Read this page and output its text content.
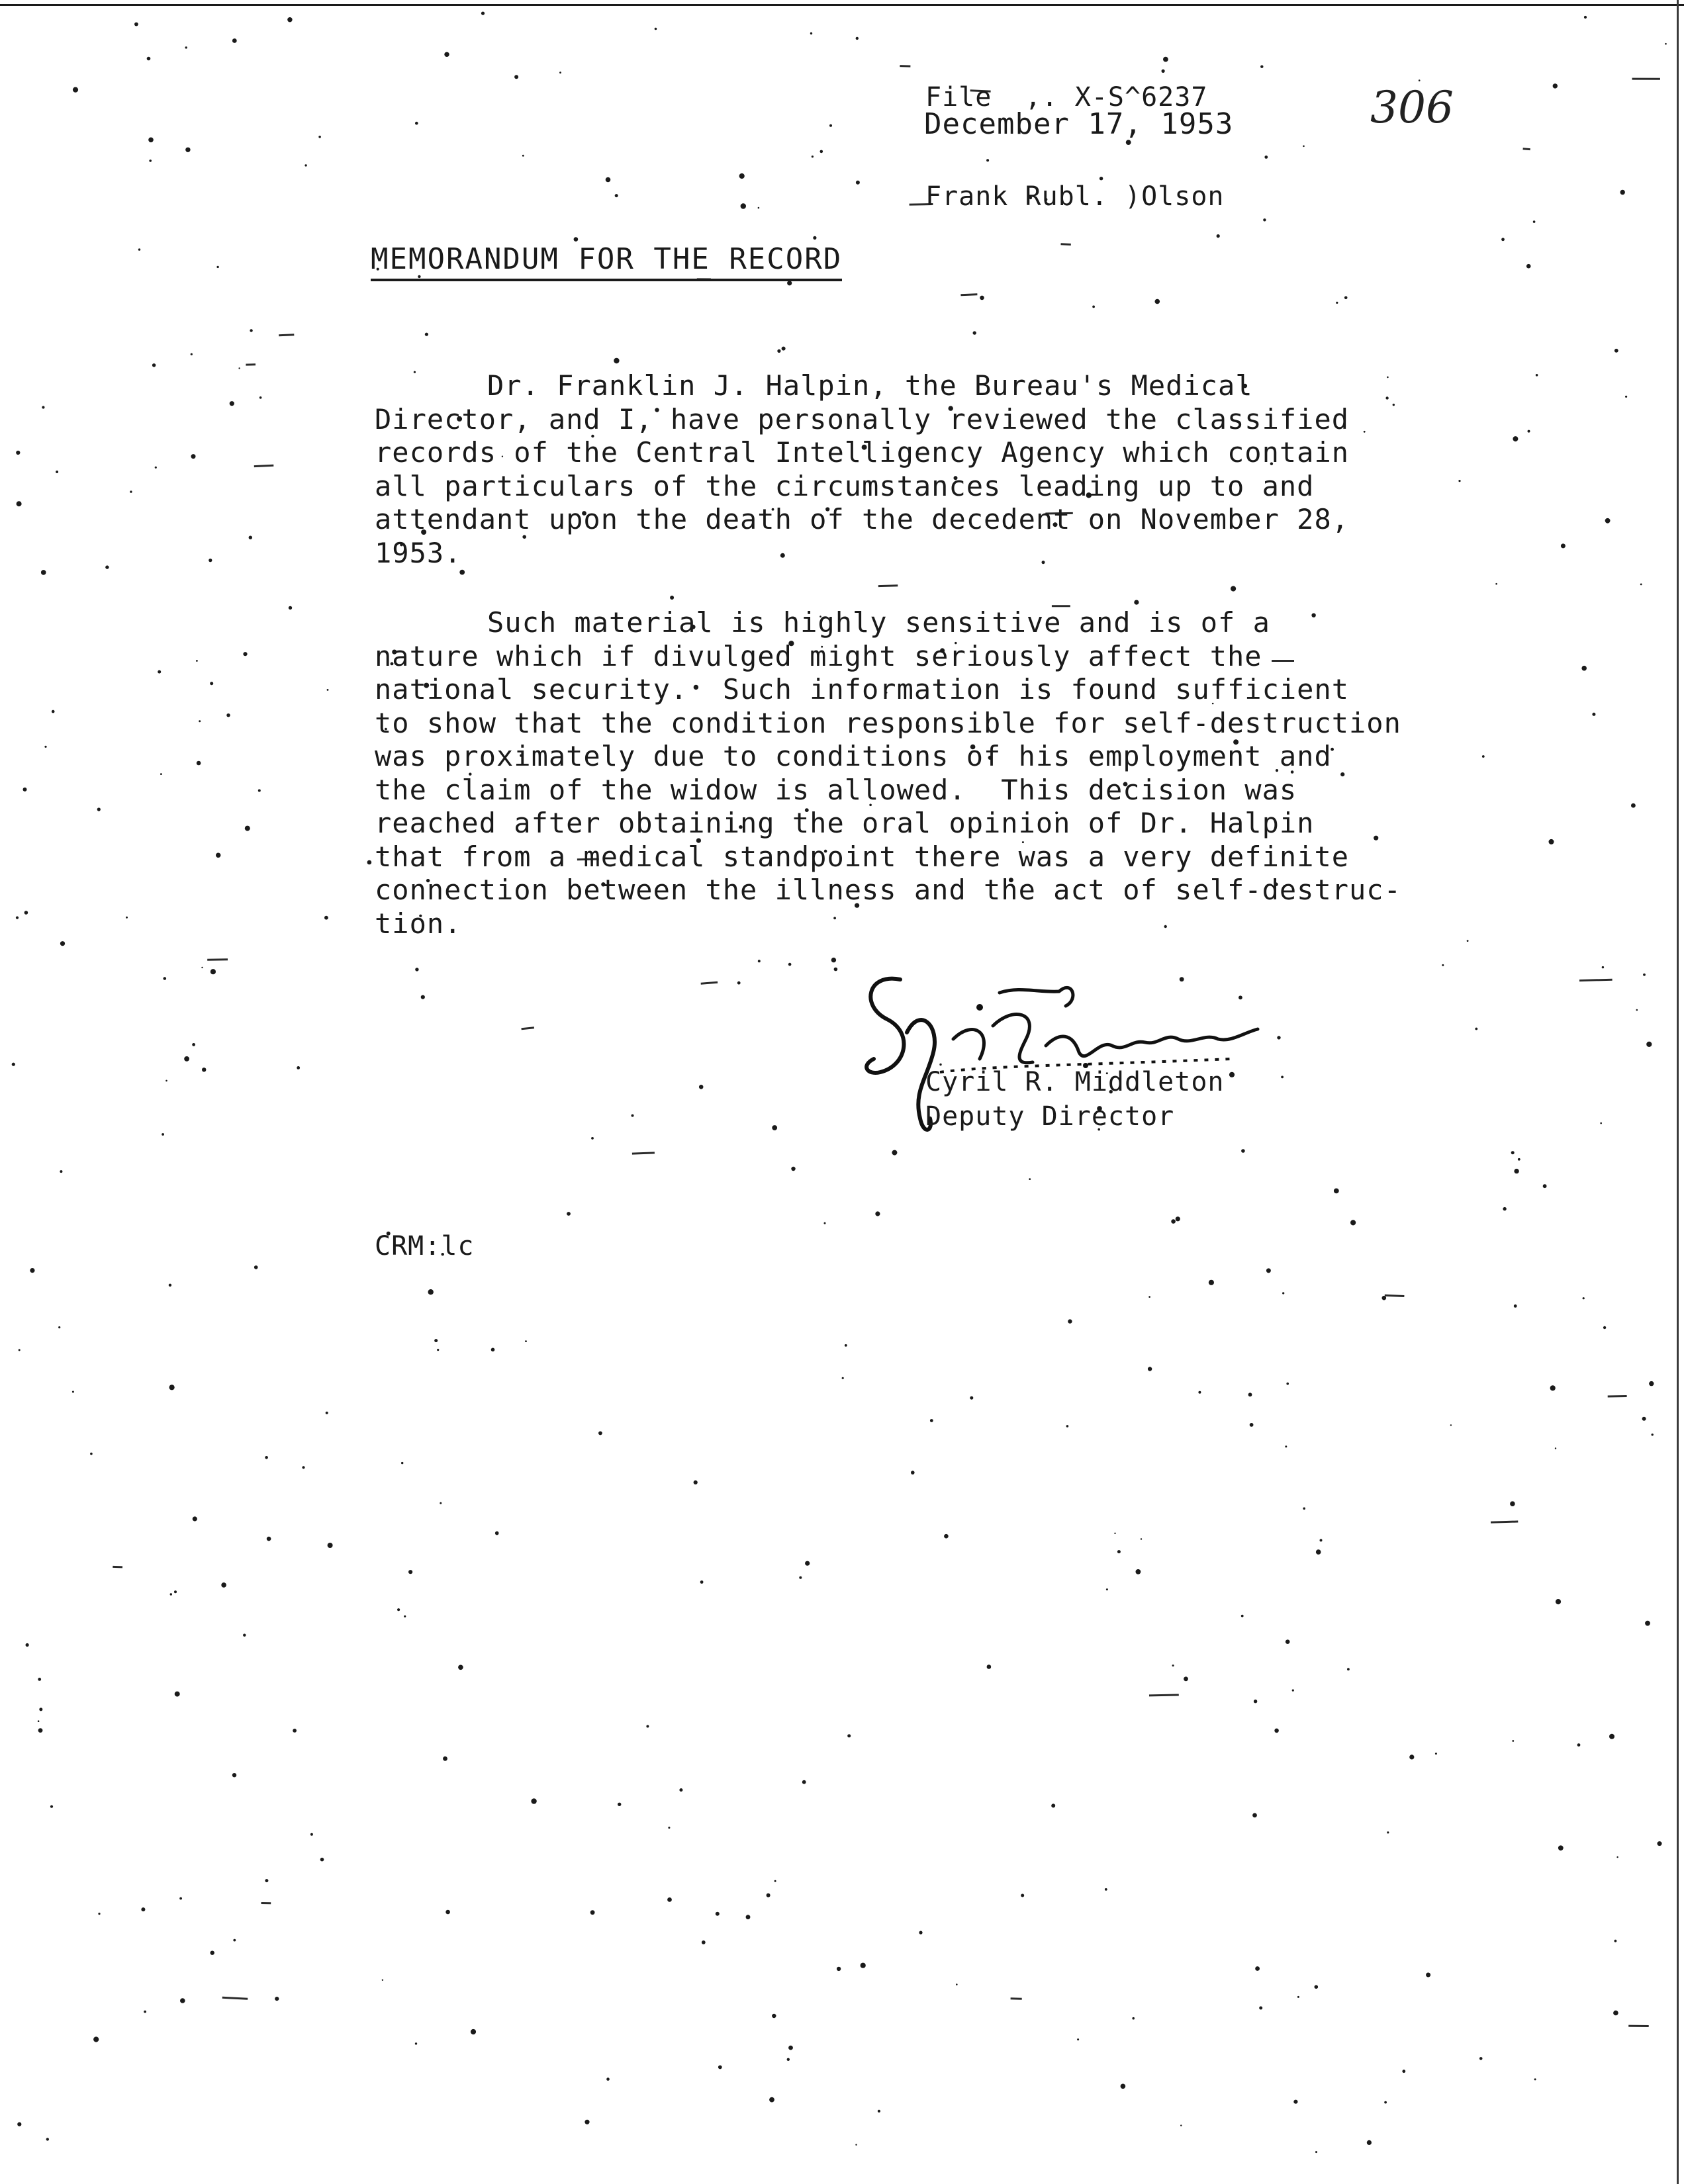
File  ,. X-S^6237

Frank Rubl. )Olson

December 17, 1953	306
MEMORANDUM FOR THE RECORD
Dr. Franklin J. Halpin, the Bureau's Medical
Director, and I, have personally reviewed the classified
records of the Central Intelligency Agency which contain
all particulars of the circumstances leading up to and
attendant upon the death of the decedent on November 28,
1953.
Such material is highly sensitive and is of a
nature which if divulged might seriously affect the
national security.  Such information is found sufficient
to show that the condition responsible for self-destruction
was proximately due to conditions of his employment and
the claim of the widow is allowed.  This decision was
reached after obtaining the oral opinion of Dr. Halpin
that from a medical standpoint there was a very definite
connection between the illness and the act of self-destruc-
tion.
Cyril R. Middleton
Deputy Director
CRM:lc
